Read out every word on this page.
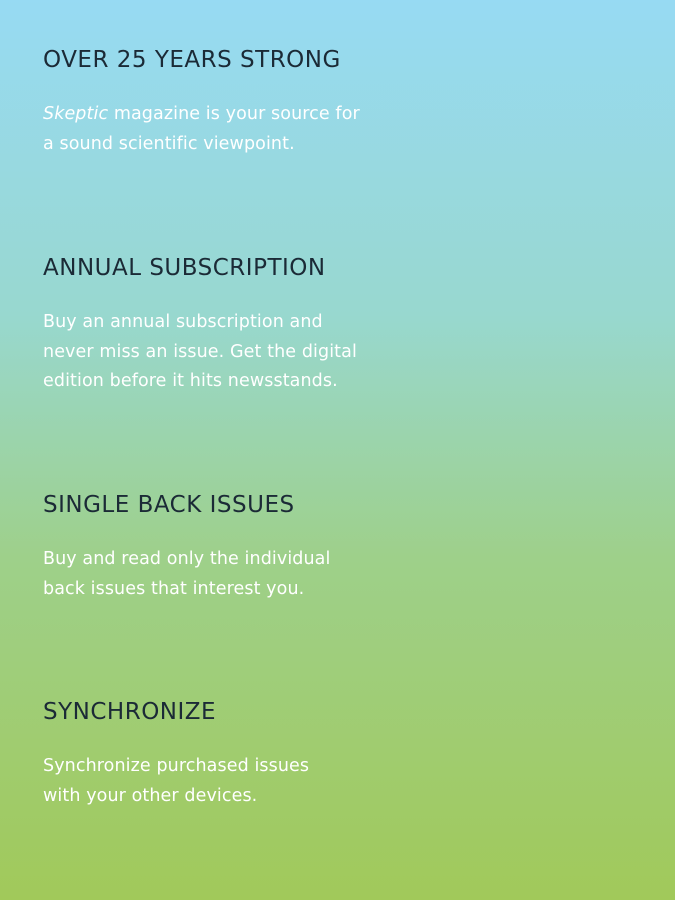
OVER 25 YEARS STRONG

Skeptic magazine is your source for
a sound scientific viewpoint.

ANNUAL SUBSCRIPTION

Buy an annual subscription and
never miss an issue. Get the digital
edition before it hits newsstands.

SINGLE BACK ISSUES

Buy and read only the individual
back issues that interest you.

SYNCHRONIZE

Synchronize purchased issues
with your other devices.
